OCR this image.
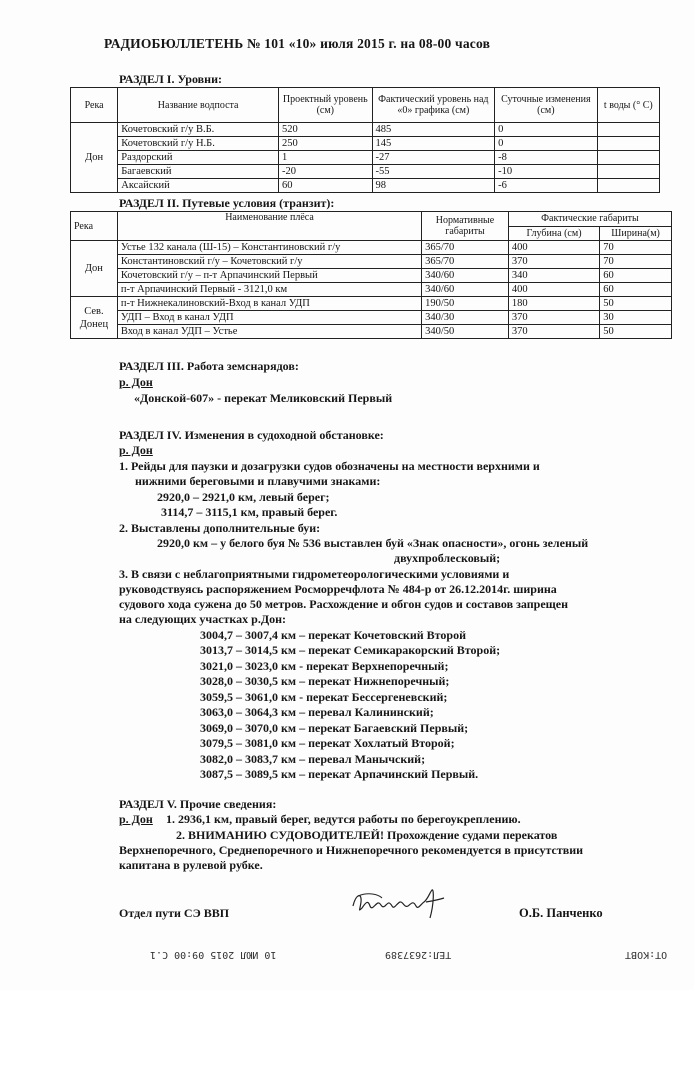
РАДИОБЮЛЛЕТЕНЬ № 101 «10» июля 2015 г. на 08-00 часов
РАЗДЕЛ I. Уровни:
Река	Название водпоста	Проектный уровень (см)	Фактический уровень над «0» графика (см)	Суточные изменения (см)	t воды (° С)
Дон	Кочетовский г/у В.Б.	520	485	0	
	Кочетовский г/у Н.Б.	250	145	0	
	Раздорский	1	-27	-8	
	Багаевский	-20	-55	-10	
	Аксайский	60	98	-6	
РАЗДЕЛ II. Путевые условия (транзит):
Река	Наименование плёса	Нормативные габариты	Фактические габариты	
			Глубина (см)	Ширина(м)
Дон	Устье 132 канала (Ш-15) – Константиновский г/у	365/70	400	70
	Константиновский г/у – Кочетовский г/у	365/70	370	70
	Кочетовский г/у – п-т Арпачинский Первый	340/60	340	60
	п-т Арпачинский Первый - 3121,0 км	340/60	400	60
Сев. Донец	п-т Нижнекалиновский-Вход в канал УДП	190/50	180	50
	УДП – Вход в канал УДП	340/30	370	30
	Вход в канал УДП – Устье	340/50	370	50
РАЗДЕЛ III. Работа земснарядов:
р. Дон
«Донской-607» - перекат Меликовский Первый
РАЗДЕЛ IV. Изменения в судоходной обстановке:
р. Дон
1. Рейды для паузки и дозагрузки судов обозначены на местности верхними и
нижними береговыми и плавучими знаками:
2920,0 – 2921,0 км, левый берег;
3114,7 – 3115,1 км, правый берег.
2. Выставлены дополнительные буи:
2920,0 км – у белого буя № 536 выставлен буй «Знак опасности», огонь зеленый
двухпроблесковый;
3. В связи с неблагоприятными гидрометеорологическими условиями и
руководствуясь распоряжением Росморречфлота № 484-р от 26.12.2014г. ширина
судового хода сужена до 50 метров. Расхождение и обгон судов и составов запрещен
на следующих участках р.Дон:
3004,7 – 3007,4 км – перекат Кочетовский Второй
3013,7 – 3014,5 км – перекат Семикаракорский Второй;
3021,0 – 3023,0 км - перекат Верхнепоречный;
3028,0 – 3030,5 км – перекат Нижнепоречный;
3059,5 – 3061,0 км - перекат Бессергеневский;
3063,0 – 3064,3 км – перевал Калининский;
3069,0 – 3070,0 км – перекат Багаевский Первый;
3079,5 – 3081,0 км – перекат Хохлатый Второй;
3082,0 – 3083,7 км – перевал Манычский;
3087,5 – 3089,5 км – перекат Арпачинский Первый.
РАЗДЕЛ V. Прочие сведения:
р. Дон 1. 2936,1 км, правый берег, ведутся работы по берегоукреплению.
2. ВНИМАНИЮ СУДОВОДИТЕЛЕЙ! Прохождение судами перекатов
Верхнепоречного, Среднепоречного и Нижнепоречного рекомендуется в присутствии
капитана в рулевой рубке.
Отдел пути СЭ ВВП	О.Б. Панченко
10 ИЮЛ 2015 09:00 С.1	ТЕЛ:2637389	ОТ:КОВТ
